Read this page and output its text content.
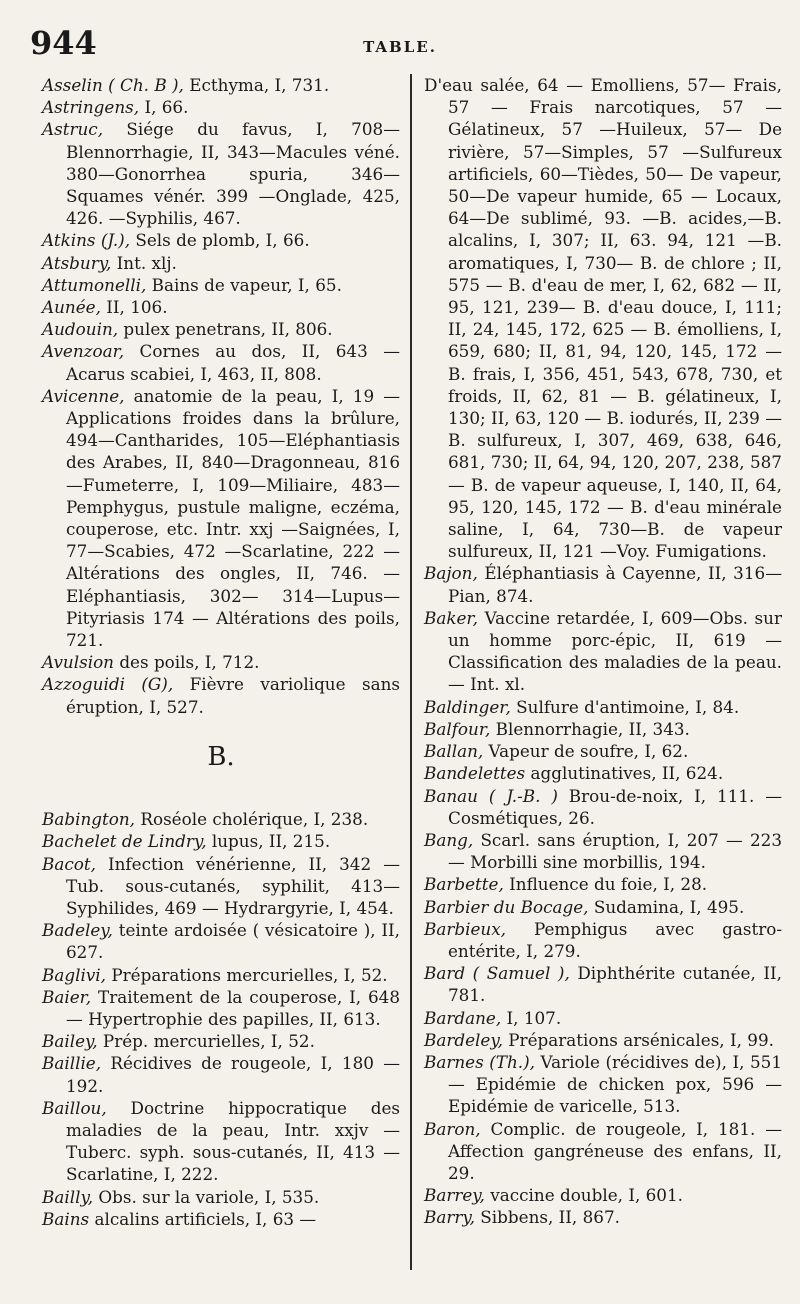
944	TABLE.

Asselin ( Ch. B ), Ecthyma, I, 731.

Astringens, I, 66.

Astruc, Siége du favus, I, 708—Blennorrhagie, II, 343—Macules véné. 380—Gonorrhea spuria, 346—Squames vénér. 399 —Onglade, 425, 426. —Syphilis, 467.

Atkins (J.), Sels de plomb, I, 66.

Atsbury, Int. xlj.

Attumonelli, Bains de vapeur, I, 65.

Aunée, II, 106.

Audouin, pulex penetrans, II, 806.

Avenzoar, Cornes au dos, II, 643 — Acarus scabiei, I, 463, II, 808.

Avicenne, anatomie de la peau, I, 19 —Applications froides dans la brûlure, 494—Cantharides, 105—Eléphantiasis des Arabes, II, 840—Dragonneau, 816—Fumeterre, I, 109—Miliaire, 483—Pemphygus, pustule maligne, eczéma, couperose, etc. Intr. xxj —Saignées, I, 77—Scabies, 472 —Scarlatine, 222 — Altérations des ongles, II, 746. — Eléphantiasis, 302— 314—Lupus— Pityriasis 174 — Altérations des poils, 721.

Avulsion des poils, I, 712.

Azzoguidi (G), Fièvre variolique sans éruption, I, 527.

B.

Babington, Roséole cholérique, I, 238.

Bachelet de Lindry, lupus, II, 215.

Bacot, Infection vénérienne, II, 342 —Tub. sous-cutanés, syphilit, 413— Syphilides, 469 — Hydrargyrie, I, 454.

Badeley, teinte ardoisée ( vésicatoire ), II, 627.

Baglivi, Préparations mercurielles, I, 52.

Baier, Traitement de la couperose, I, 648 — Hypertrophie des papilles, II, 613.

Bailey, Prép. mercurielles, I, 52.

Baillie, Récidives de rougeole, I, 180 — 192.

Baillou, Doctrine hippocratique des maladies de la peau, Intr. xxjv — Tuberc. syph. sous-cutanés, II, 413 — Scarlatine, I, 222.

Bailly, Obs. sur la variole, I, 535.

Bains alcalins artificiels, I, 63 —

D'eau salée, 64 — Emolliens, 57— Frais, 57 — Frais narcotiques, 57 — Gélatineux, 57 —Huileux, 57— De rivière, 57—Simples, 57 —Sulfureux artificiels, 60—Tièdes, 50— De vapeur, 50—De vapeur humide, 65 — Locaux, 64—De sublimé, 93. —B. acides,—B. alcalins, I, 307; II, 63. 94, 121 —B. aromatiques, I, 730— B. de chlore ; II, 575 — B. d'eau de mer, I, 62, 682 — II, 95, 121, 239— B. d'eau douce, I, 111; II, 24, 145, 172, 625 — B. émolliens, I, 659, 680; II, 81, 94, 120, 145, 172 — B. frais, I, 356, 451, 543, 678, 730, et froids, II, 62, 81 — B. gélatineux, I, 130; II, 63, 120 — B. iodurés, II, 239 — B. sulfureux, I, 307, 469, 638, 646, 681, 730; II, 64, 94, 120, 207, 238, 587 — B. de vapeur aqueuse, I, 140, II, 64, 95, 120, 145, 172 — B. d'eau minérale saline, I, 64, 730—B. de vapeur sulfureux, II, 121 —Voy. Fumigations.

Bajon, Éléphantiasis à Cayenne, II, 316— Pian, 874.

Baker, Vaccine retardée, I, 609—Obs. sur un homme porc-épic, II, 619 —Classification des maladies de la peau.— Int. xl.

Baldinger, Sulfure d'antimoine, I, 84.

Balfour, Blennorrhagie, II, 343.

Ballan, Vapeur de soufre, I, 62.

Bandelettes agglutinatives, II, 624.

Banau ( J.-B. ) Brou-de-noix, I, 111. — Cosmétiques, 26.

Bang, Scarl. sans éruption, I, 207 — 223 — Morbilli sine morbillis, 194.

Barbette, Influence du foie, I, 28.

Barbier du Bocage, Sudamina, I, 495.

Barbieux, Pemphigus avec gastro-entérite, I, 279.

Bard ( Samuel ), Diphthérite cutanée, II, 781.

Bardane, I, 107.

Bardeley, Préparations arsénicales, I, 99.

Barnes (Th.), Variole (récidives de), I, 551 — Epidémie de chicken pox, 596 — Epidémie de varicelle, 513.

Baron, Complic. de rougeole, I, 181. —Affection gangréneuse des enfans, II, 29.

Barrey, vaccine double, I, 601.

Barry, Sibbens, II, 867.
